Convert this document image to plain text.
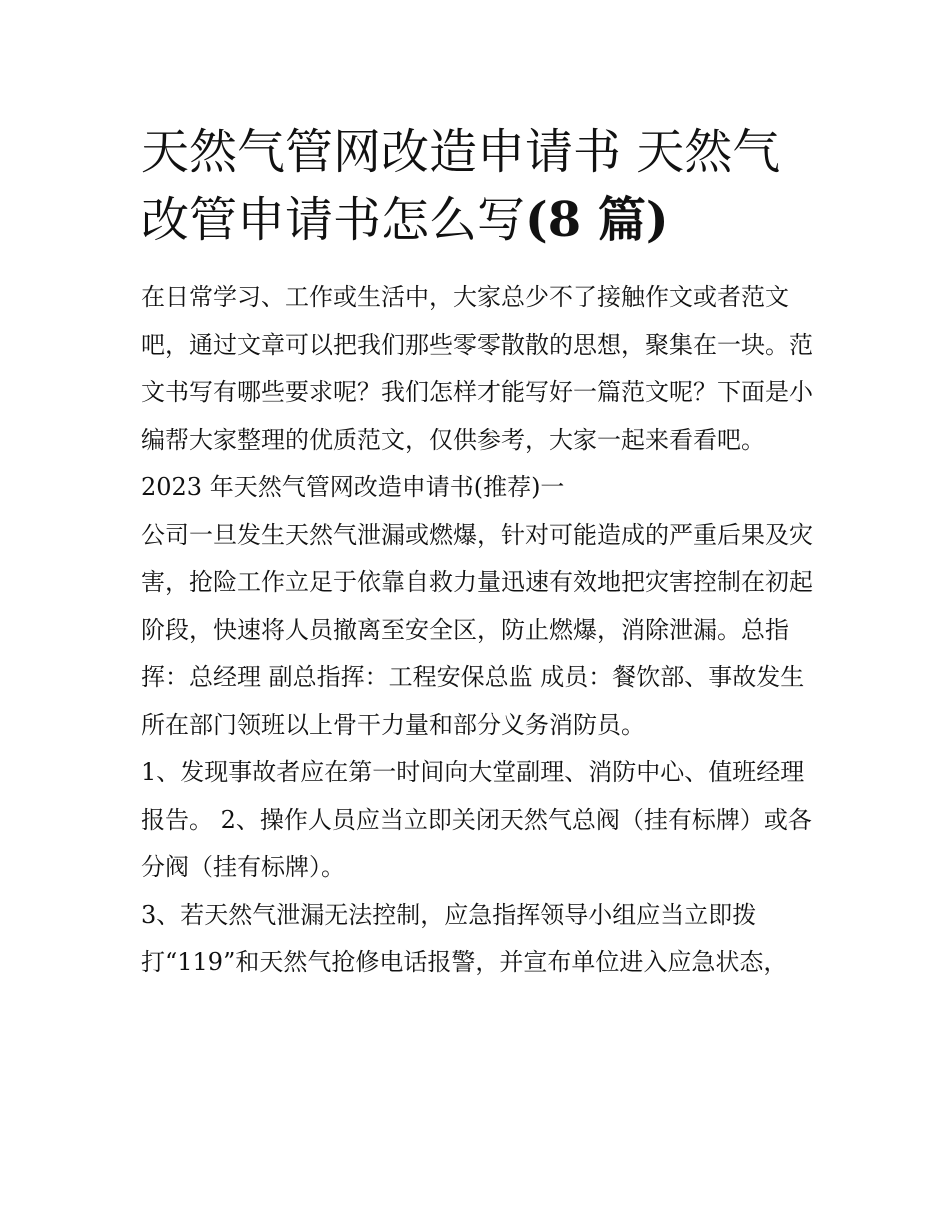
天然气管网改造申请书 天然气
改管申请书怎么写(8 篇)

在日常学习、工作或生活中，大家总少不了接触作文或者范文吧，通过文章可以把我们那些零零散散的思想，聚集在一块。范文书写有哪些要求呢？我们怎样才能写好一篇范文呢？下面是小编帮大家整理的优质范文，仅供参考，大家一起来看看吧。

2023 年天然气管网改造申请书(推荐)一

公司一旦发生天然气泄漏或燃爆，针对可能造成的严重后果及灾害，抢险工作立足于依靠自救力量迅速有效地把灾害控制在初起阶段，快速将人员撤离至安全区，防止燃爆，消除泄漏。总指挥：总经理 副总指挥：工程安保总监 成员：餐饮部、事故发生所在部门领班以上骨干力量和部分义务消防员。

1、发现事故者应在第一时间向大堂副理、消防中心、值班经理报告。 2、操作人员应当立即关闭天然气总阀（挂有标牌）或各分阀（挂有标牌）。

3、若天然气泄漏无法控制，应急指挥领导小组应当立即拨打“119”和天然气抢修电话报警，并宣布单位进入应急状态，
